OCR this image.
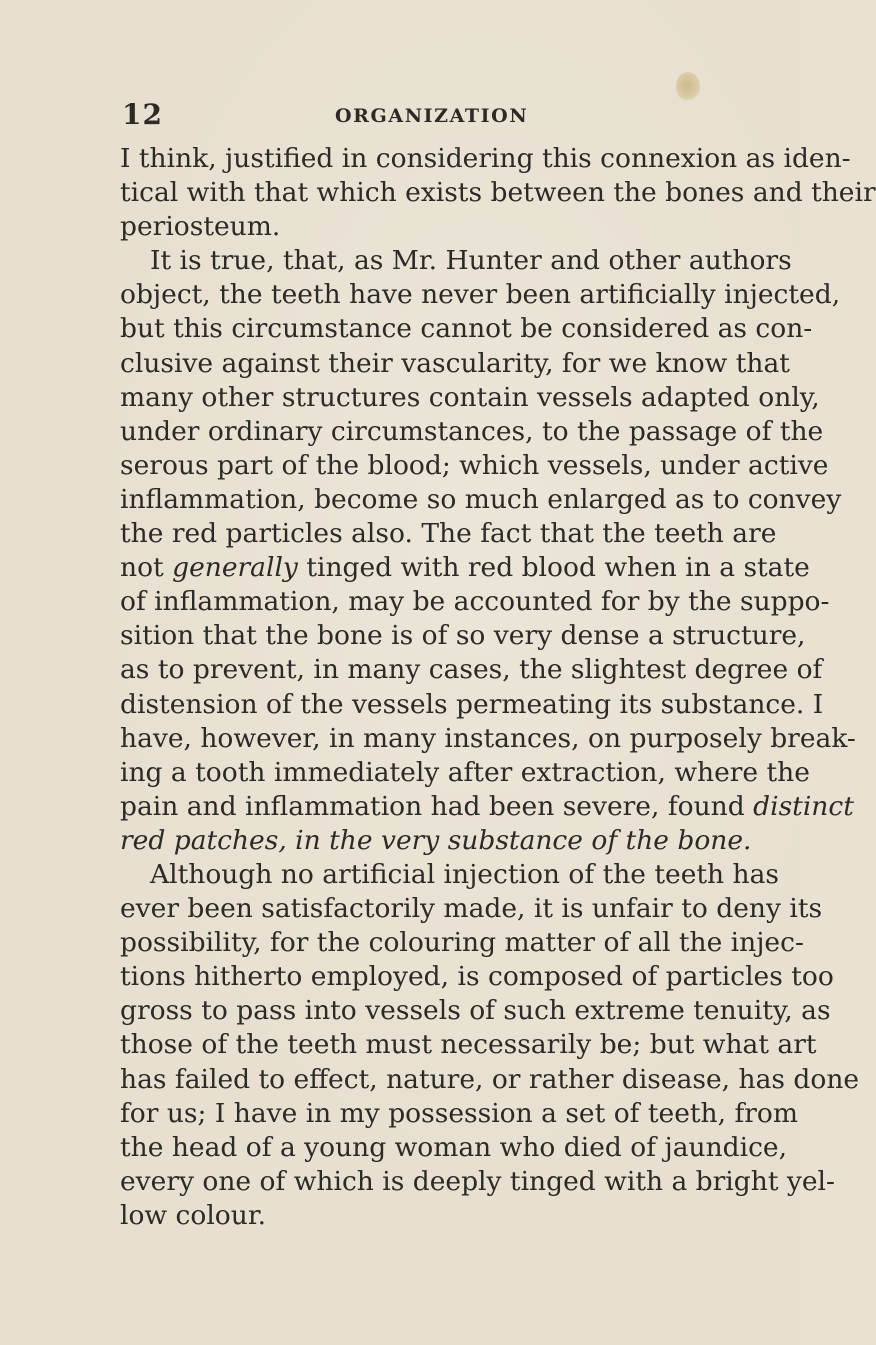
12	ORGANIZATION
I think, justified in considering this connexion as iden-
tical with that which exists between the bones and their
periosteum.
It is true, that, as Mr. Hunter and other authors
object, the teeth have never been artificially injected,
but this circumstance cannot be considered as con-
clusive against their vascularity, for we know that
many other structures contain vessels adapted only,
under ordinary circumstances, to the passage of the
serous part of the blood; which vessels, under active
inflammation, become so much enlarged as to convey
the red particles also. The fact that the teeth are
not generally tinged with red blood when in a state
of inflammation, may be accounted for by the suppo-
sition that the bone is of so very dense a structure,
as to prevent, in many cases, the slightest degree of
distension of the vessels permeating its substance. I
have, however, in many instances, on purposely break-
ing a tooth immediately after extraction, where the
pain and inflammation had been severe, found distinct
red patches, in the very substance of the bone.
Although no artificial injection of the teeth has
ever been satisfactorily made, it is unfair to deny its
possibility, for the colouring matter of all the injec-
tions hitherto employed, is composed of particles too
gross to pass into vessels of such extreme tenuity, as
those of the teeth must necessarily be; but what art
has failed to effect, nature, or rather disease, has done
for us; I have in my possession a set of teeth, from
the head of a young woman who died of jaundice,
every one of which is deeply tinged with a bright yel-
low colour.
